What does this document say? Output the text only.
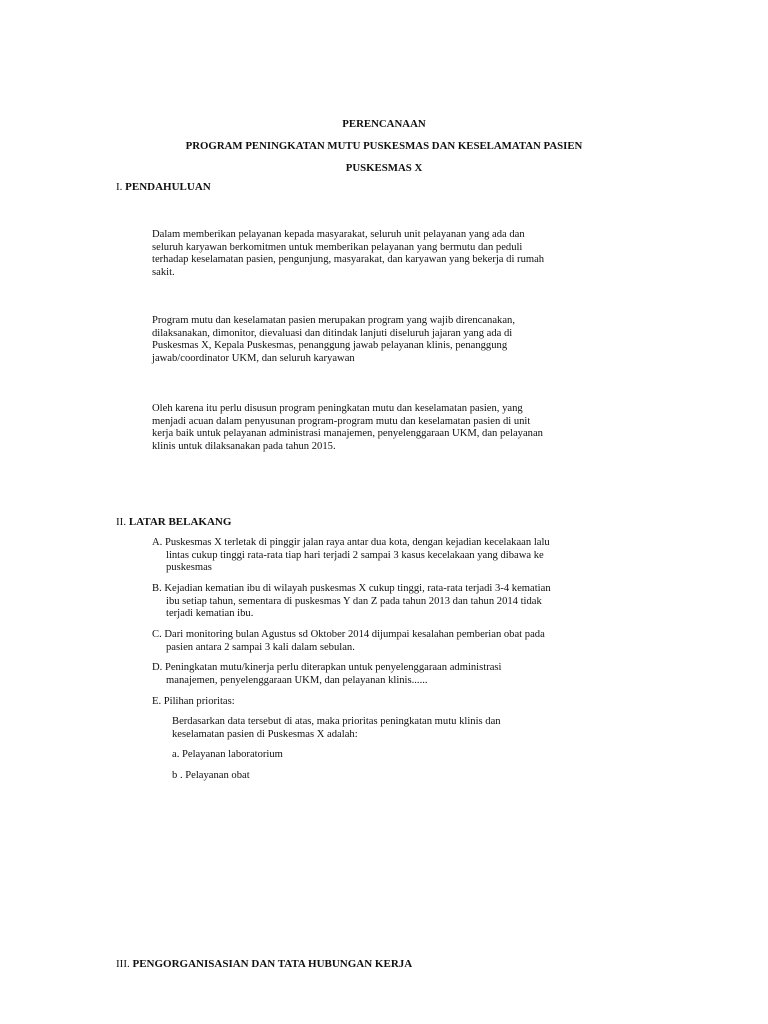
PERENCANAAN
PROGRAM PENINGKATAN MUTU PUSKESMAS DAN KESELAMATAN PASIEN
PUSKESMAS X
I. PENDAHULUAN
Dalam memberikan pelayanan kepada masyarakat, seluruh unit pelayanan yang ada dan
seluruh karyawan berkomitmen untuk memberikan pelayanan yang bermutu dan peduli
terhadap keselamatan pasien, pengunjung, masyarakat, dan karyawan yang bekerja di rumah
sakit.
Program mutu dan keselamatan pasien merupakan program yang wajib direncanakan,
dilaksanakan, dimonitor, dievaluasi dan ditindak lanjuti diseluruh jajaran yang ada di
Puskesmas X, Kepala Puskesmas, penanggung jawab pelayanan klinis, penanggung
jawab/coordinator UKM, dan seluruh karyawan
Oleh karena itu perlu disusun program peningkatan mutu dan keselamatan pasien, yang
menjadi acuan dalam penyusunan program-program mutu dan keselamatan pasien di unit
kerja baik untuk pelayanan administrasi manajemen, penyelenggaraan UKM, dan pelayanan
klinis untuk dilaksanakan pada tahun 2015.
II. LATAR BELAKANG
A. Puskesmas X terletak di pinggir jalan raya antar dua kota, dengan kejadian kecelakaan lalu
lintas cukup tinggi rata-rata tiap hari terjadi 2 sampai 3 kasus kecelakaan yang dibawa ke
puskesmas
B. Kejadian kematian ibu di wilayah puskesmas X cukup tinggi, rata-rata terjadi 3-4 kematian
ibu setiap tahun, sementara di puskesmas Y dan Z pada tahun 2013 dan tahun 2014 tidak
terjadi kematian ibu.
C. Dari monitoring bulan Agustus sd Oktober 2014 dijumpai kesalahan pemberian obat pada
pasien antara 2 sampai 3 kali dalam sebulan.
D. Peningkatan mutu/kinerja perlu diterapkan untuk penyelenggaraan administrasi
manajemen, penyelenggaraan UKM, dan pelayanan klinis......
E. Pilihan prioritas:
Berdasarkan data tersebut di atas, maka prioritas peningkatan mutu klinis dan
keselamatan pasien di Puskesmas X adalah:
a. Pelayanan laboratorium
b . Pelayanan obat
III. PENGORGANISASIAN DAN TATA HUBUNGAN KERJA
